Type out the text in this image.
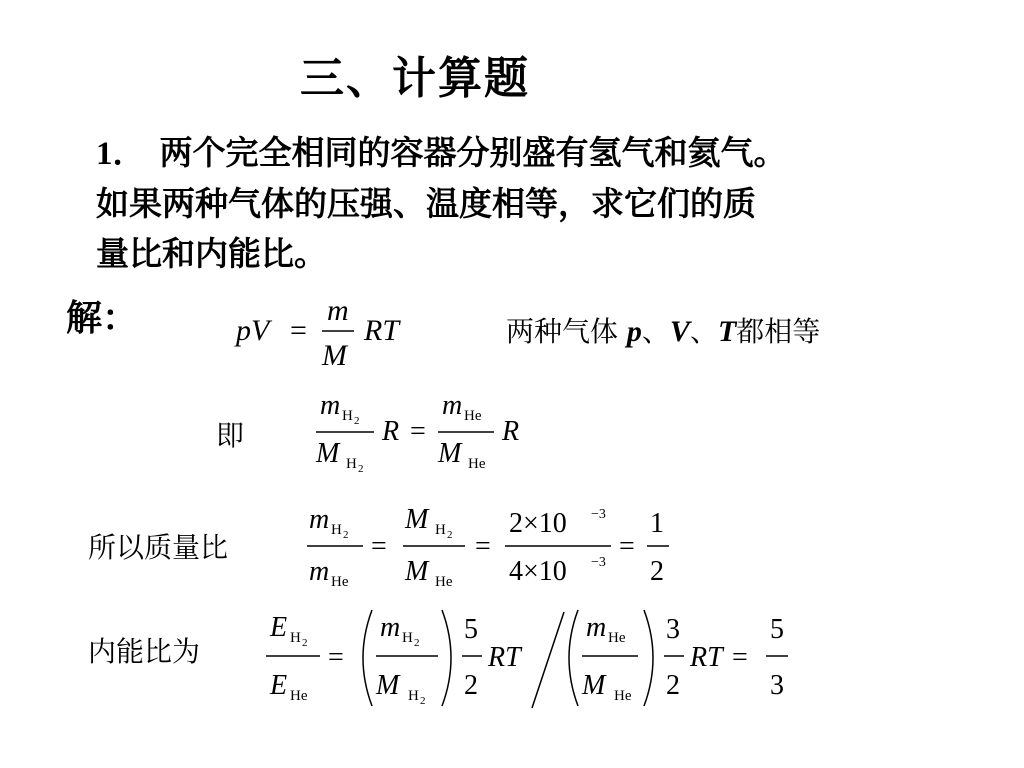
三、计算题
1． 两个完全相同的容器分别盛有氢气和氦气。
如果两种气体的压强、温度相等，求它们的质
量比和内能比。
解：	pV =
m
M
RT	两种气体 p、V、T都相等
即
m H 2
M H 2
R =
m He
M He
R
所以质量比
m H 2
m He
=
M H 2
M He
=
2×10 −3
4×10 −3
=
1
2
内能比为
E H 2
E He
=
m H 2
M H 2
5
2
RT
m He
M He
3
2
RT =
5
3
